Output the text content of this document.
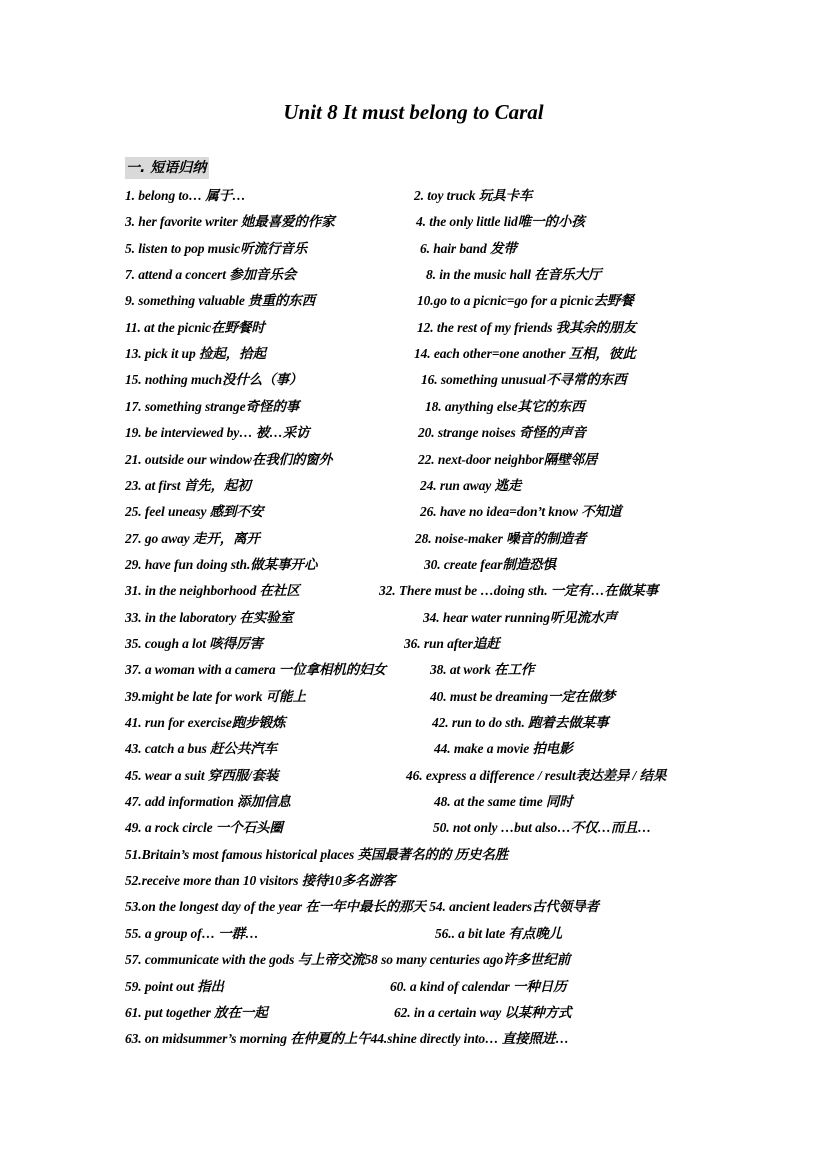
Unit 8 It must belong to Caral
一. 短语归纳
1. belong to… 属于…	2. toy truck 玩具卡车
3. her favorite writer 她最喜爱的作家	4. the only little lid唯一的小孩
5. listen to pop music听流行音乐	6. hair band 发带
7. attend a concert 参加音乐会	8. in the music hall 在音乐大厅
9. something valuable 贵重的东西	10.go to a picnic=go for a picnic去野餐
11. at the picnic在野餐时	12. the rest of my friends 我其余的朋友
13. pick it up 捡起，拾起	14. each other=one another 互相，彼此
15. nothing much没什么（事）	16. something unusual不寻常的东西
17. something strange奇怪的事	18. anything else其它的东西
19. be interviewed by… 被…采访	20. strange noises 奇怪的声音
21. outside our window在我们的窗外	22. next-door neighbor隔壁邻居
23. at first 首先，起初	24. run away 逃走
25. feel uneasy 感到不安	26. have no idea=don’t know 不知道
27. go away 走开，离开	28. noise-maker 噪音的制造者
29. have fun doing sth.做某事开心	30. create fear制造恐惧
31. in the neighborhood 在社区	32. There must be …doing sth. 一定有…在做某事
33. in the laboratory 在实验室	34. hear water running听见流水声
35. cough a lot 咳得厉害	36. run after追赶
37. a woman with a camera 一位拿相机的妇女	38. at work 在工作
39.might be late for work 可能上	40. must be dreaming一定在做梦
41. run for exercise跑步锻炼	42. run to do sth. 跑着去做某事
43. catch a bus 赶公共汽车	44. make a movie 拍电影
45. wear a suit 穿西服/套装	46. express a difference / result表达差异 / 结果
47. add information 添加信息	48. at the same time 同时
49. a rock circle 一个石头圈	50. not only …but also…不仅…而且…
51.Britain’s most famous historical places 英国最著名的的 历史名胜
52.receive more than 10 visitors 接待10多名游客
53.on the longest day of the year 在一年中最长的那天 54. ancient leaders古代领导者
55. a group of… 一群…	56.. a bit late 有点晚儿
57. communicate with the gods 与上帝交流58 so many centuries ago许多世纪前
59. point out 指出	60. a kind of calendar 一种日历
61. put together 放在一起	62. in a certain way 以某种方式
63. on midsummer’s morning 在仲夏的上午44.shine directly into… 直接照进…
